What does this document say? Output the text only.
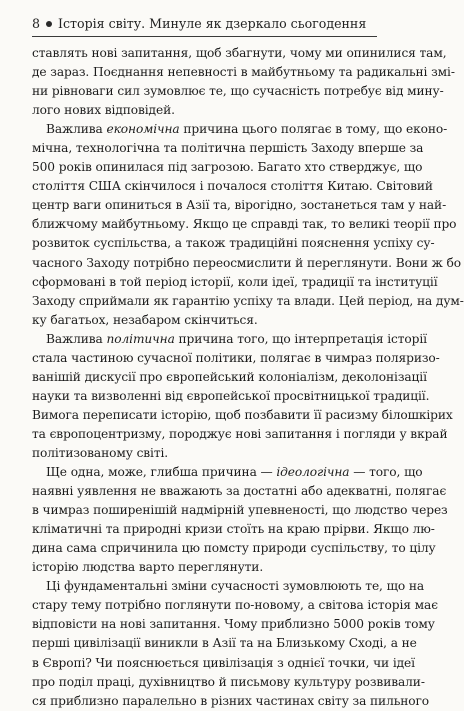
8 Історія світу. Минуле як дзеркало сьогодення
ставлять нові запитання, щоб збагнути, чому ми опинилися там,
де зараз. Поєднання непевності в майбутньому та радикальні змі-
ни рівноваги сил зумовлює те, що сучасність потребує від мину-
лого нових відповідей.
Важлива економічна причина цього полягає в тому, що еконо-
мічна, технологічна та політична першість Заходу вперше за
500 років опинилася під загрозою. Багато хто стверджує, що
століття США скінчилося і почалося століття Китаю. Світовий
центр ваги опиниться в Азії та, вірогідно, зостанеться там у най-
ближчому майбутньому. Якщо це справді так, то великі теорії про
розвиток суспільства, а також традиційні пояснення успіху су-
часного Заходу потрібно переосмислити й переглянути. Вони ж бо
сформовані в той період історії, коли ідеї, традиції та інституції
Заходу сприймали як гарантію успіху та влади. Цей період, на дум-
ку багатьох, незабаром скінчиться.
Важлива політична причина того, що інтерпретація історії
стала частиною сучасної політики, полягає в чимраз поляризо-
ванішій дискусії про європейський колоніалізм, деколонізації
науки та визволенні від європейської просвітницької традиції.
Вимога переписати історію, щоб позбавити її расизму білошкірих
та європоцентризму, породжує нові запитання і погляди у вкрай
політизованому світі.
Ще одна, може, глибша причина — ідеологічна — того, що
наявні уявлення не вважають за достатні або адекватні, полягає
в чимраз поширенішій надмірній упевненості, що людство через
кліматичні та природні кризи стоїть на краю прірви. Якщо лю-
дина сама спричинила цю помсту природи суспільству, то цілу
історію людства варто переглянути.
Ці фундаментальні зміни сучасності зумовлюють те, що на
стару тему потрібно поглянути по-новому, а світова історія має
відповісти на нові запитання. Чому приблизно 5000 років тому
перші цивілізації виникли в Азії та на Близькому Сході, а не
в Європі? Чи пояснюється цивілізація з однієї точки, чи ідеї
про поділ праці, духівництво й письмову культуру розвивали-
ся приблизно паралельно в різних частинах світу за пильного
